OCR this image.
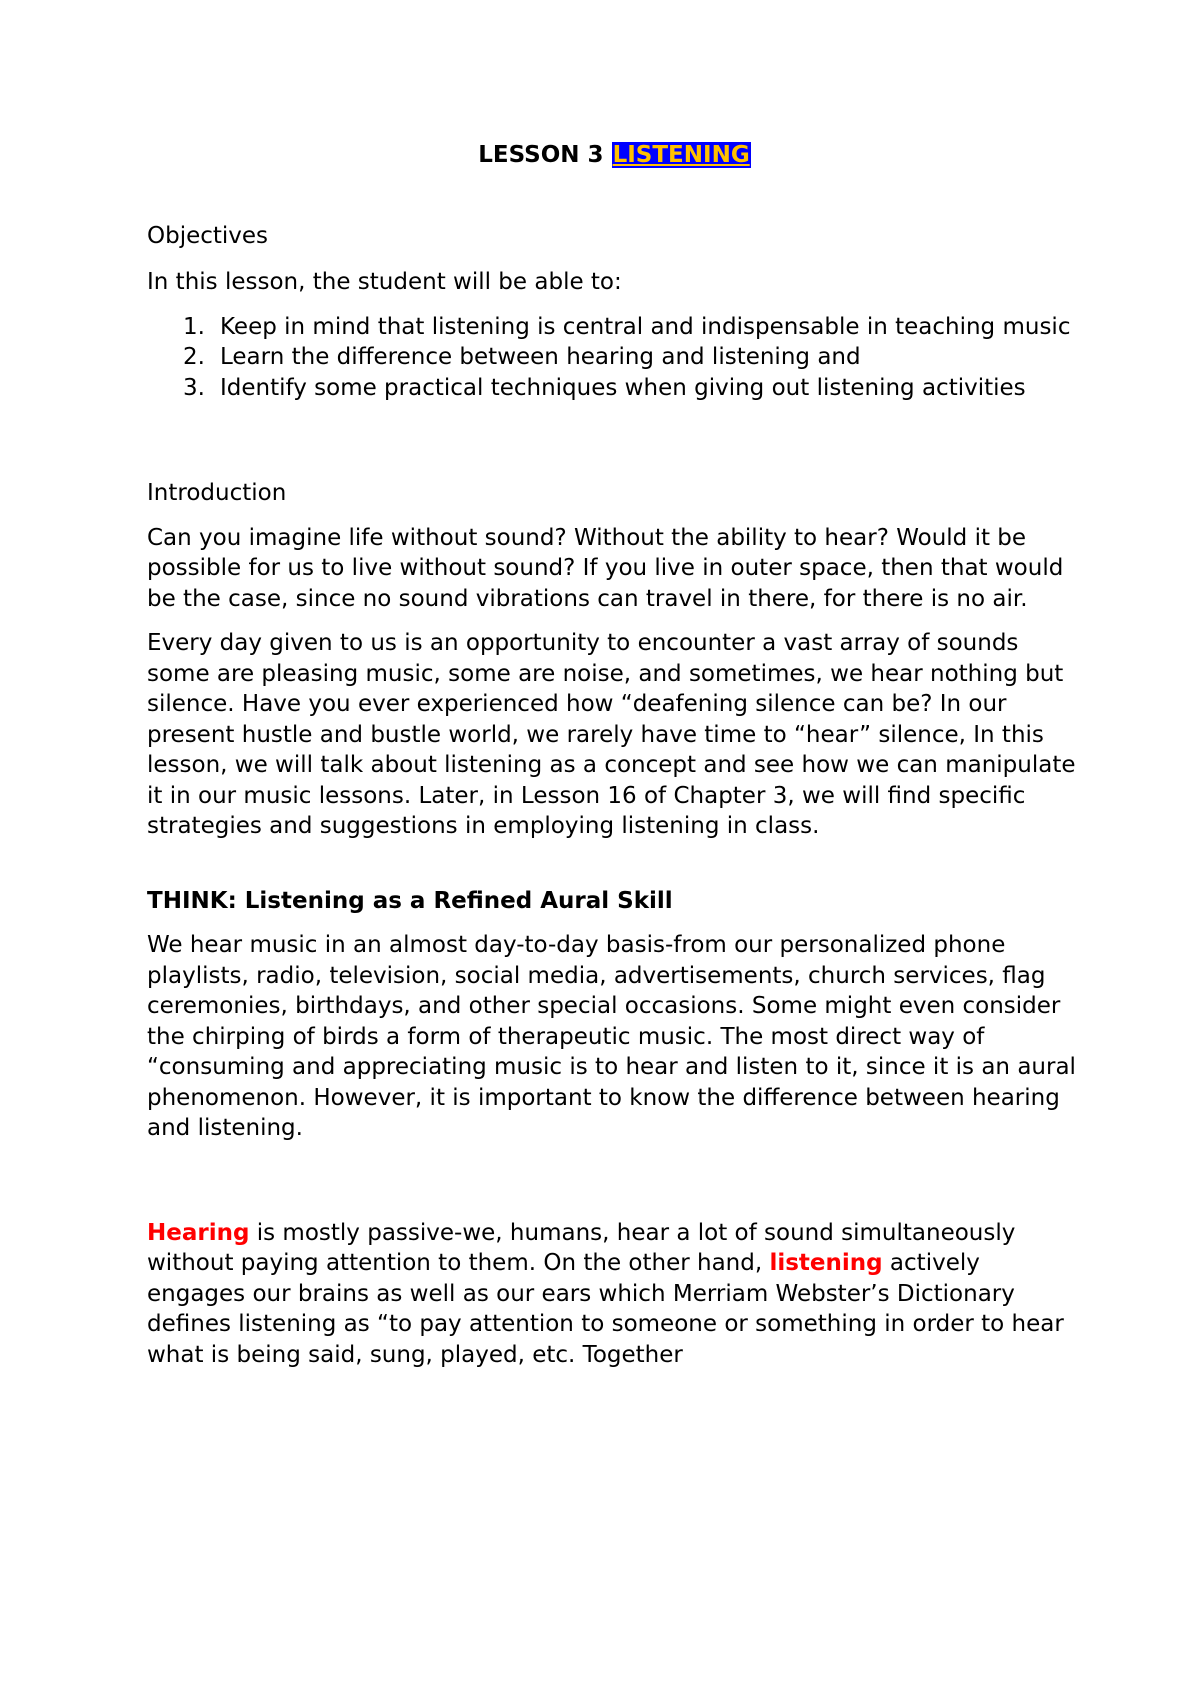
LESSON 3 LISTENING

Objectives

In this lesson, the student will be able to:

1. Keep in mind that listening is central and indispensable in teaching music
2. Learn the difference between hearing and listening and
3. Identify some practical techniques when giving out listening activities

Introduction

Can you imagine life without sound? Without the ability to hear? Would it be possible for us to live without sound? If you live in outer space, then that would be the case, since no sound vibrations can travel in there, for there is no air.

Every day given to us is an opportunity to encounter a vast array of sounds some are pleasing music, some are noise, and sometimes, we hear nothing but silence. Have you ever experienced how “deafening silence can be? In our present hustle and bustle world, we rarely have time to “hear” silence, In this lesson, we will talk about listening as a concept and see how we can manipulate it in our music lessons. Later, in Lesson 16 of Chapter 3, we will find specific strategies and suggestions in employing listening in class.

THINK: Listening as a Refined Aural Skill

We hear music in an almost day-to-day basis-from our personalized phone playlists, radio, television, social media, advertisements, church services, flag ceremonies, birthdays, and other special occasions. Some might even consider the chirping of birds a form of therapeutic music. The most direct way of “consuming and appreciating music is to hear and listen to it, since it is an aural phenomenon. However, it is important to know the difference between hearing and listening.

Hearing is mostly passive-we, humans, hear a lot of sound simultaneously without paying attention to them. On the other hand, listening actively engages our brains as well as our ears which Merriam Webster’s Dictionary defines listening as “to pay attention to someone or something in order to hear what is being said, sung, played, etc. Together
